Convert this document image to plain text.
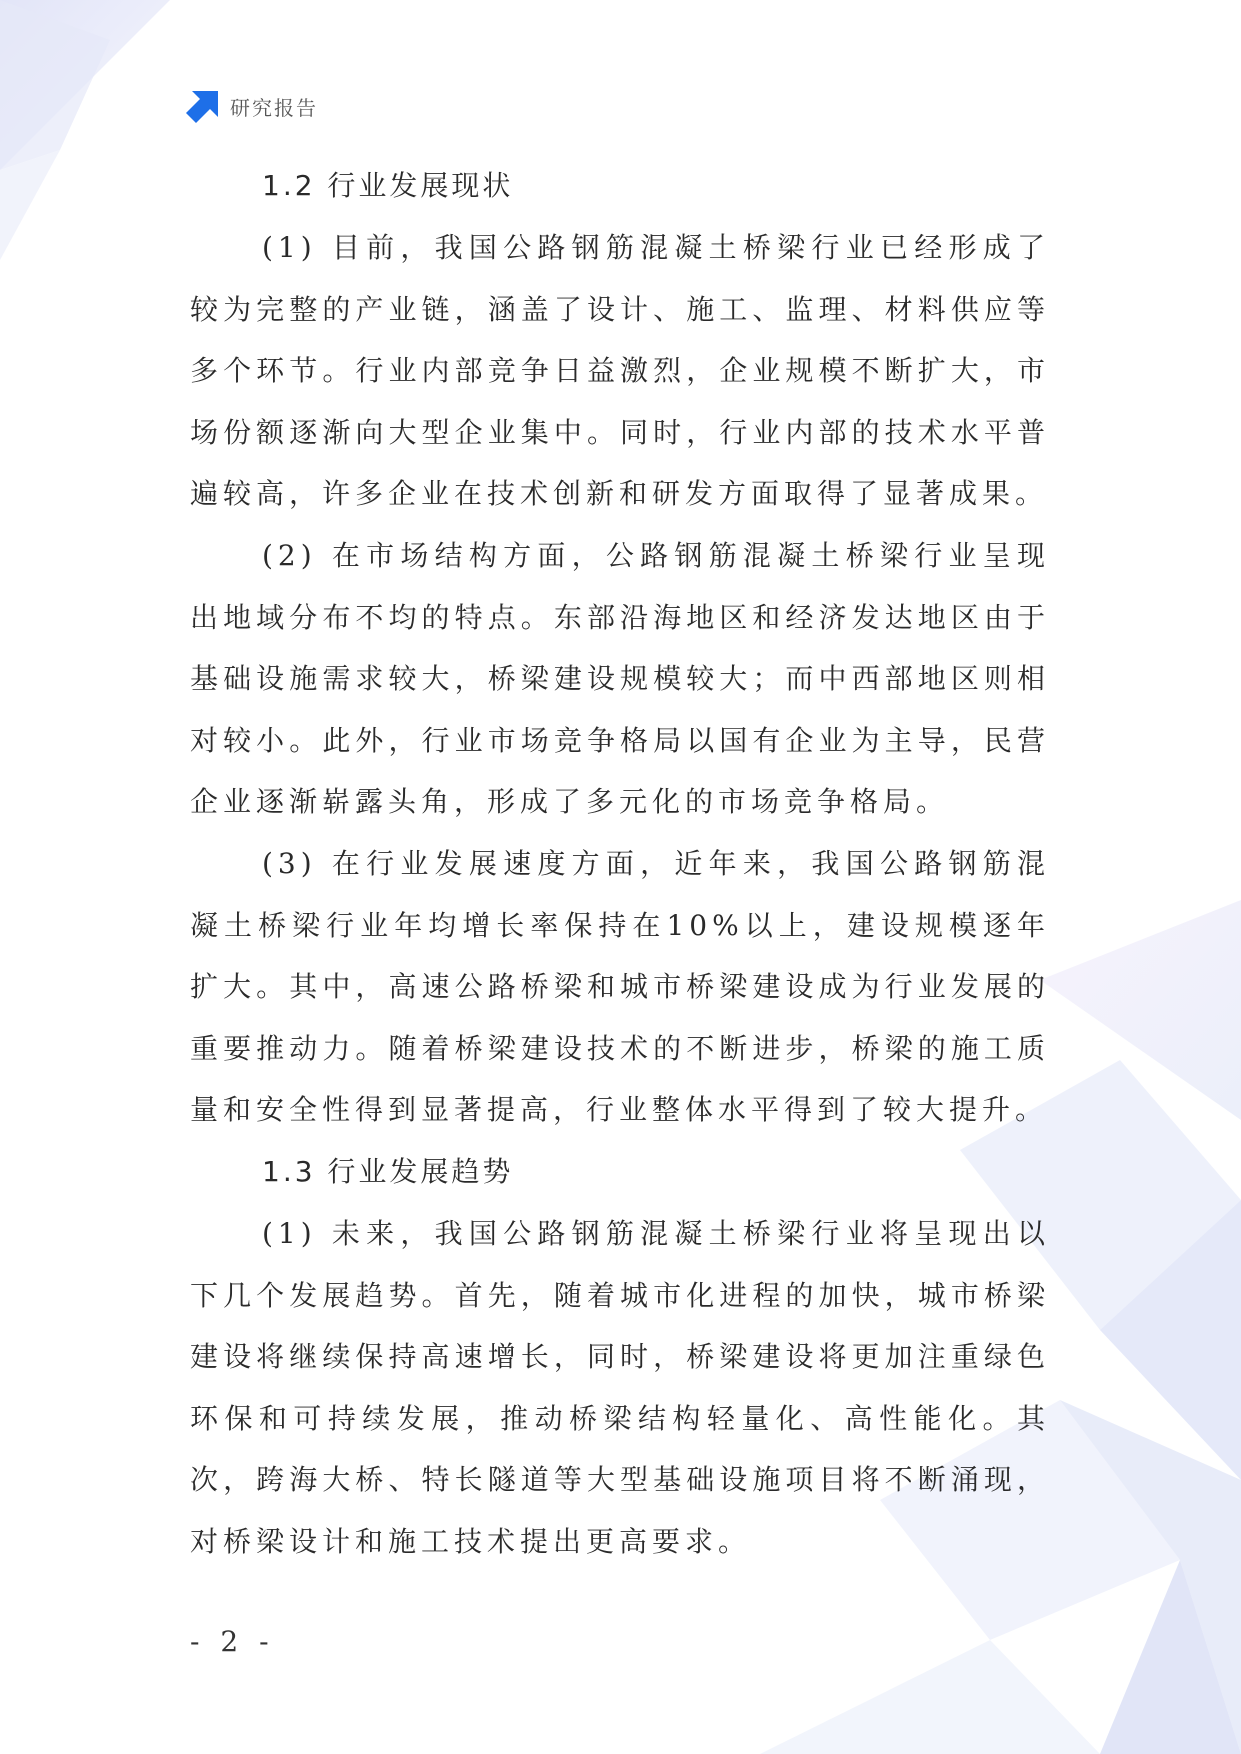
研究报告
1.2 行业发展现状

(1) 目前，我国公路钢筋混凝土桥梁行业已经形成了较为完整的产业链，涵盖了设计、施工、监理、材料供应等多个环节。行业内部竞争日益激烈，企业规模不断扩大，市场份额逐渐向大型企业集中。同时，行业内部的技术水平普遍较高，许多企业在技术创新和研发方面取得了显著成果。

(2) 在市场结构方面，公路钢筋混凝土桥梁行业呈现出地域分布不均的特点。东部沿海地区和经济发达地区由于基础设施需求较大，桥梁建设规模较大；而中西部地区则相对较小。此外，行业市场竞争格局以国有企业为主导，民营企业逐渐崭露头角，形成了多元化的市场竞争格局。

(3) 在行业发展速度方面，近年来，我国公路钢筋混凝土桥梁行业年均增长率保持在10%以上，建设规模逐年扩大。其中，高速公路桥梁和城市桥梁建设成为行业发展的重要推动力。随着桥梁建设技术的不断进步，桥梁的施工质量和安全性得到显著提高，行业整体水平得到了较大提升。

1.3 行业发展趋势

(1) 未来，我国公路钢筋混凝土桥梁行业将呈现出以下几个发展趋势。首先，随着城市化进程的加快，城市桥梁建设将继续保持高速增长，同时，桥梁建设将更加注重绿色环保和可持续发展，推动桥梁结构轻量化、高性能化。其次，跨海大桥、特长隧道等大型基础设施项目将不断涌现，对桥梁设计和施工技术提出更高要求。

- 2 -
